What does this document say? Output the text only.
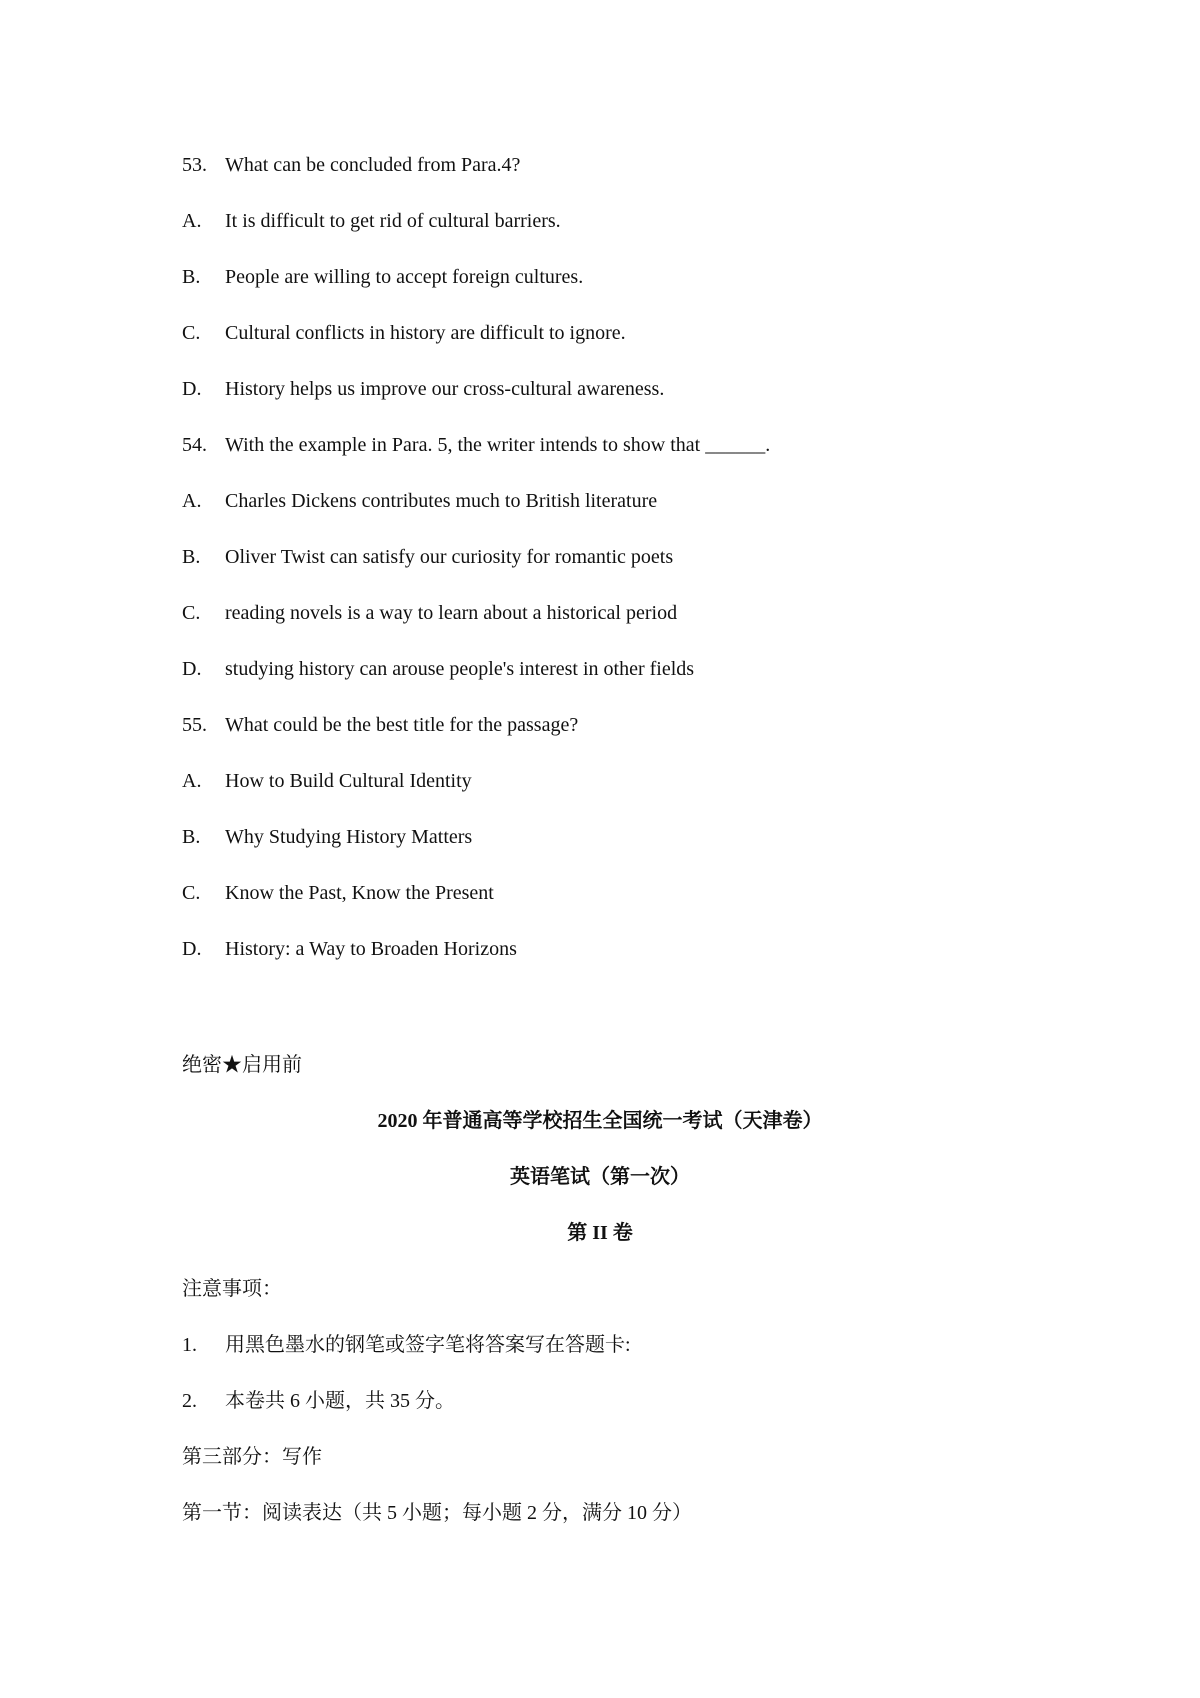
53. What can be concluded from Para.4?
A. It is difficult to get rid of cultural barriers.
B. People are willing to accept foreign cultures.
C. Cultural conflicts in history are difficult to ignore.
D. History helps us improve our cross-cultural awareness.
54. With the example in Para. 5, the writer intends to show that ______.
A. Charles Dickens contributes much to British literature
B. Oliver Twist can satisfy our curiosity for romantic poets
C. reading novels is a way to learn about a historical period
D. studying history can arouse people's interest in other fields
55. What could be the best title for the passage?
A. How to Build Cultural Identity
B. Why Studying History Matters
C. Know the Past, Know the Present
D. History: a Way to Broaden Horizons
绝密★启用前
2020 年普通高等学校招生全国统一考试（天津卷）
英语笔试（第一次）
第 II 卷
注意事项：
1. 用黑色墨水的钢笔或签字笔将答案写在答题卡:
2. 本卷共 6 小题，共 35 分。
第三部分：写作
第一节：阅读表达（共 5 小题；每小题 2 分，满分 10 分）
